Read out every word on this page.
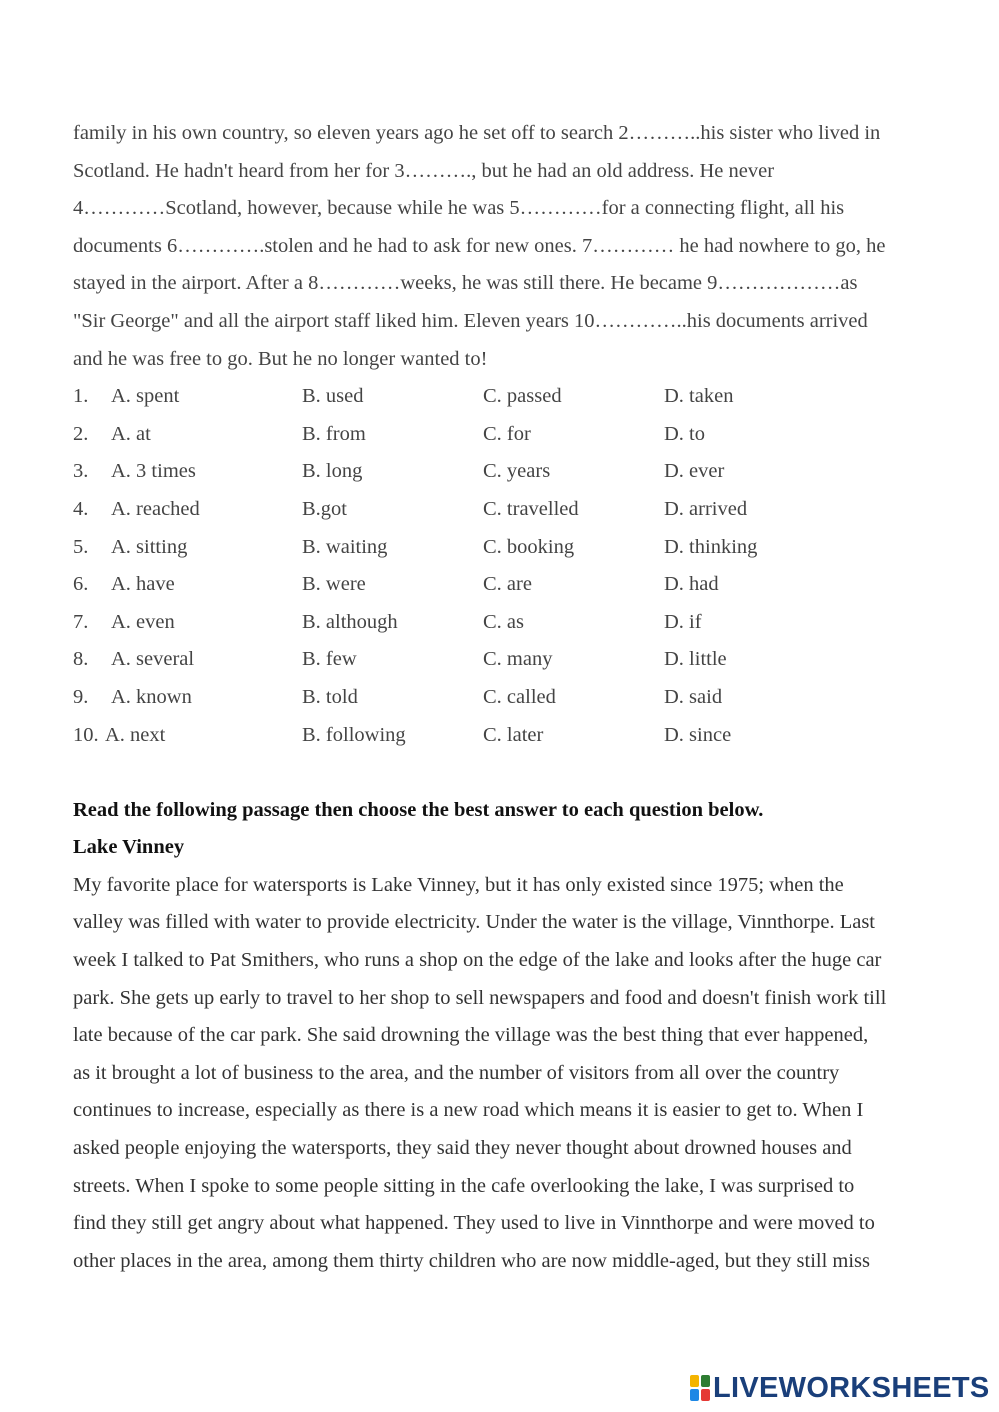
family in his own country, so eleven years ago he set off to search 2………..his sister who lived in
Scotland. He hadn't heard from her for 3………., but he had an old address. He never
4…………Scotland, however, because while he was 5…………for a connecting flight, all his
documents 6………….stolen and he had to ask for new ones. 7………… he had nowhere to go, he
stayed in the airport. After a 8…………weeks, he was still there. He became 9………………as
"Sir George" and all the airport staff liked him. Eleven years 10…………..his documents arrived
and he was free to go. But he no longer wanted to!
1. A. spent	B. used	C. passed	D. taken
2. A. at	B. from	C. for	D. to
3. A. 3 times	B. long	C. years	D. ever
4. A. reached	B.got	C. travelled	D. arrived
5. A. sitting	B. waiting	C. booking	D. thinking
6. A. have	B. were	C. are	D. had
7. A. even	B. although	C. as	D. if
8. A. several	B. few	C. many	D. little
9. A. known	B. told	C. called	D. said
10. A. next	B. following	C. later	D. since
Read the following passage then choose the best answer to each question below.
Lake Vinney
My favorite place for watersports is Lake Vinney, but it has only existed since 1975; when the
valley was filled with water to provide electricity. Under the water is the village, Vinnthorpe. Last
week I talked to Pat Smithers, who runs a shop on the edge of the lake and looks after the huge car
park. She gets up early to travel to her shop to sell newspapers and food and doesn't finish work till
late because of the car park. She said drowning the village was the best thing that ever happened,
as it brought a lot of business to the area, and the number of visitors from all over the country
continues to increase, especially as there is a new road which means it is easier to get to. When I
asked people enjoying the watersports, they said they never thought about drowned houses and
streets. When I spoke to some people sitting in the cafe overlooking the lake, I was surprised to
find they still get angry about what happened. They used to live in Vinnthorpe and were moved to
other places in the area, among them thirty children who are now middle-aged, but they still miss
LIVEWORKSHEETS
